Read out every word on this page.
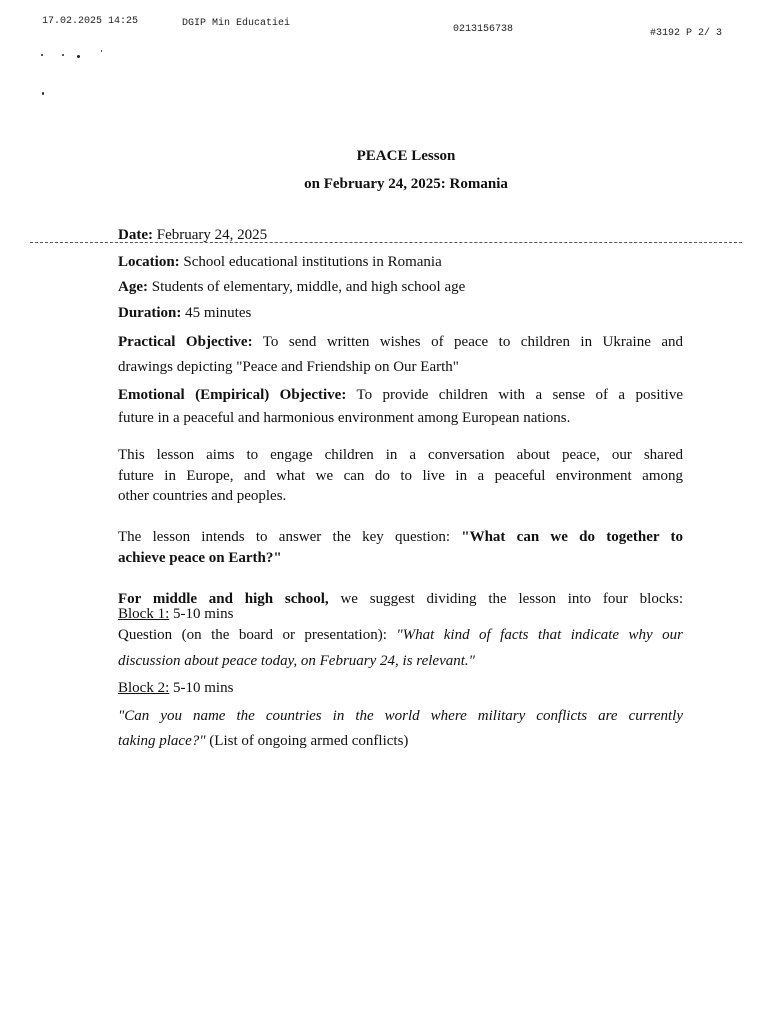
17.02.2025 14:25	DGIP Min Educatiei
0213156738	#3192 P 2/ 3
PEACE Lesson
on February 24, 2025: Romania
Date: February 24, 2025
Location: School educational institutions in Romania
Age: Students of elementary, middle, and high school age
Duration: 45 minutes
Practical Objective: To send written wishes of peace to children in Ukraine and
drawings depicting "Peace and Friendship on Our Earth"
Emotional (Empirical) Objective: To provide children with a sense of a positive
future in a peaceful and harmonious environment among European nations.
This lesson aims to engage children in a conversation about peace, our shared
future in Europe, and what we can do to live in a peaceful environment among
other countries and peoples.
The lesson intends to answer the key question: "What can we do together to
achieve peace on Earth?"
For middle and high school, we suggest dividing the lesson into four blocks:
Block 1: 5-10 mins
Question (on the board or presentation): "What kind of facts that indicate why our
discussion about peace today, on February 24, is relevant."
Block 2: 5-10 mins
"Can you name the countries in the world where military conflicts are currently
taking place?" (List of ongoing armed conflicts)
